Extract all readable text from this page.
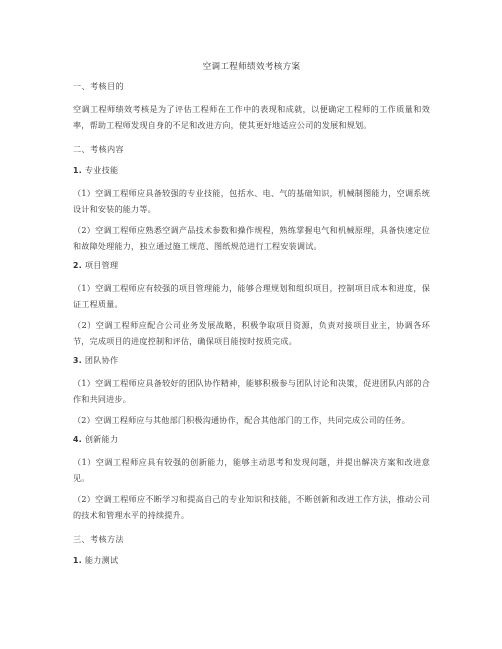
空调工程师绩效考核方案
一、考核目的

空调工程师绩效考核是为了评估工程师在工作中的表现和成就，以便确定工程师的工作质量和效率，帮助工程师发现自身的不足和改进方向，使其更好地适应公司的发展和规划。

二、考核内容
1. 专业技能

（1）空调工程师应具备较强的专业技能，包括水、电、气的基础知识，机械制图能力，空调系统设计和安装的能力等。

（2）空调工程师应熟悉空调产品技术参数和操作规程，熟练掌握电气和机械原理，具备快速定位和故障处理能力，独立通过施工规范、图纸规范进行工程安装调试。

2. 项目管理

（1）空调工程师应有较强的项目管理能力，能够合理规划和组织项目，控制项目成本和进度，保证工程质量。

（2）空调工程师应配合公司业务发展战略，积极争取项目资源，负责对接项目业主，协调各环节，完成项目的进度控制和评估，确保项目能按时按质完成。

3. 团队协作

（1）空调工程师应具备较好的团队协作精神，能够积极参与团队讨论和决策，促进团队内部的合作和共同进步。

（2）空调工程师应与其他部门积极沟通协作，配合其他部门的工作，共同完成公司的任务。

4. 创新能力

（1）空调工程师应具有较强的创新能力，能够主动思考和发现问题，并提出解决方案和改进意见。

（2）空调工程师应不断学习和提高自己的专业知识和技能，不断创新和改进工作方法，推动公司的技术和管理水平的持续提升。

三、考核方法
1. 能力测试
